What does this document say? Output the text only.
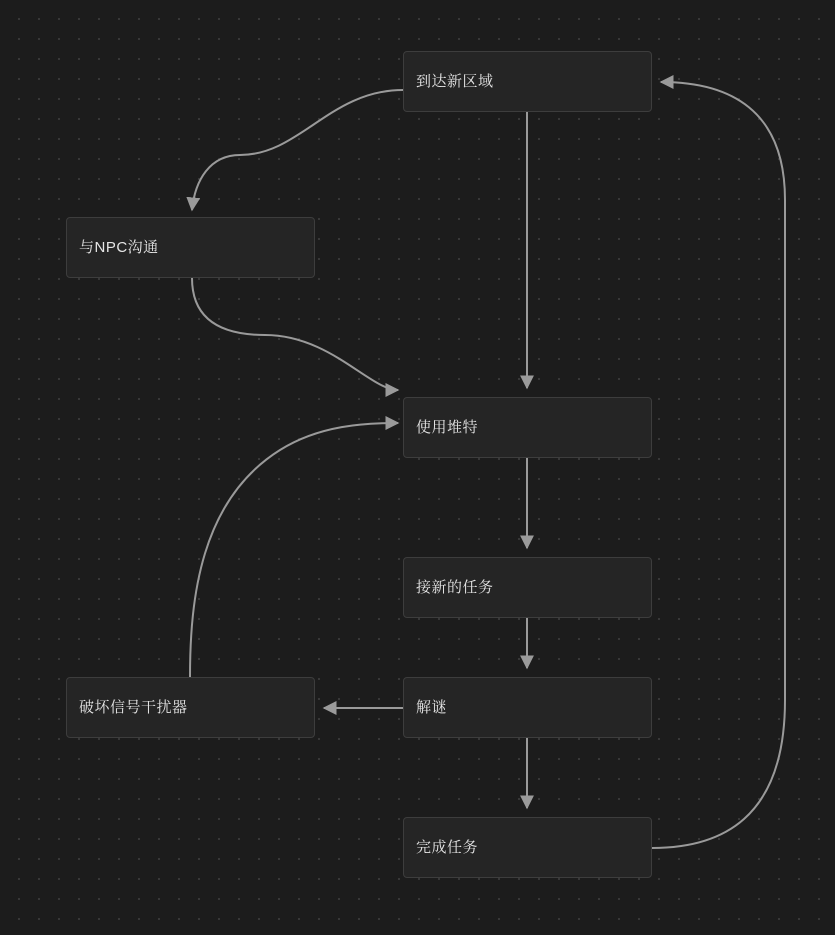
到达新区域
与NPC沟通
使用堆特
接新的任务
解谜
破坏信号干扰器
完成任务
